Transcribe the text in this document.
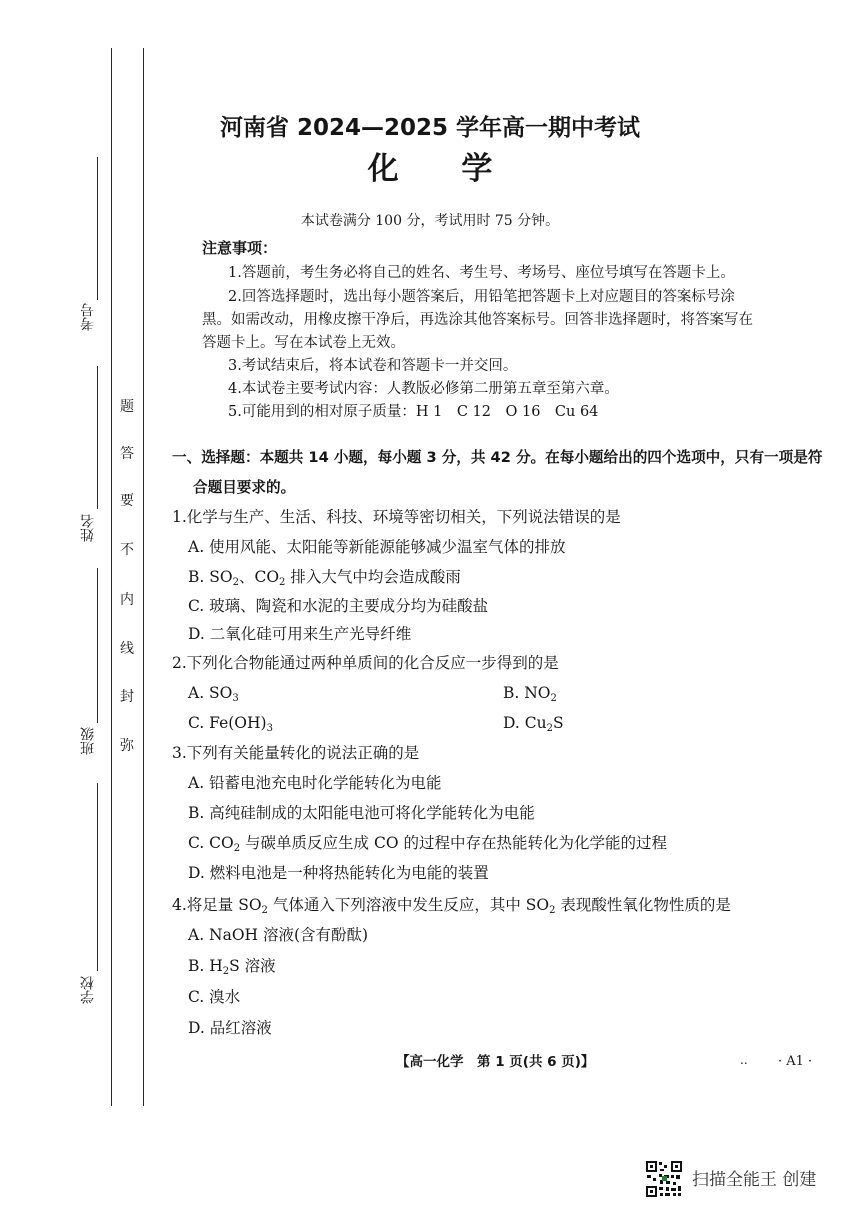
考号
姓名
班级
学校
题
答
要
不
内
线
封
弥
河南省 2024—2025 学年高一期中考试
化 学
本试卷满分 100 分，考试用时 75 分钟。
注意事项：
1.答题前，考生务必将自己的姓名、考生号、考场号、座位号填写在答题卡上。
2.回答选择题时，选出每小题答案后，用铅笔把答题卡上对应题目的答案标号涂
黑。如需改动，用橡皮擦干净后，再选涂其他答案标号。回答非选择题时，将答案写在
答题卡上。写在本试卷上无效。
3.考试结束后，将本试卷和答题卡一并交回。
4.本试卷主要考试内容：人教版必修第二册第五章至第六章。
5.可能用到的相对原子质量：H 1　C 12　O 16　Cu 64
一、选择题：本题共 14 小题，每小题 3 分，共 42 分。在每小题给出的四个选项中，只有一项是符
合题目要求的。
1.化学与生产、生活、科技、环境等密切相关，下列说法错误的是
A. 使用风能、太阳能等新能源能够减少温室气体的排放
B. $SO_2$、$CO_2$ 排入大气中均会造成酸雨
C. 玻璃、陶瓷和水泥的主要成分均为硅酸盐
D. 二氧化硅可用来生产光导纤维
2.下列化合物能通过两种单质间的化合反应一步得到的是
A. $SO_3$	B. $NO_2$
C. $Fe(OH)_3$	D. $Cu_2S$
3.下列有关能量转化的说法正确的是
A. 铅蓄电池充电时化学能转化为电能
B. 高纯硅制成的太阳能电池可将化学能转化为电能
C. $CO_2$ 与碳单质反应生成 CO 的过程中存在热能转化为化学能的过程
D. 燃料电池是一种将热能转化为电能的装置
4.将足量 $SO_2$ 气体通入下列溶液中发生反应，其中 $SO_2$ 表现酸性氧化物性质的是
A. NaOH 溶液(含有酚酞)
B. $H_2S$ 溶液
C. 溴水
D. 品红溶液
【高一化学　第 1 页(共 6 页)】	.. · A1 ·
扫描全能王 创建
